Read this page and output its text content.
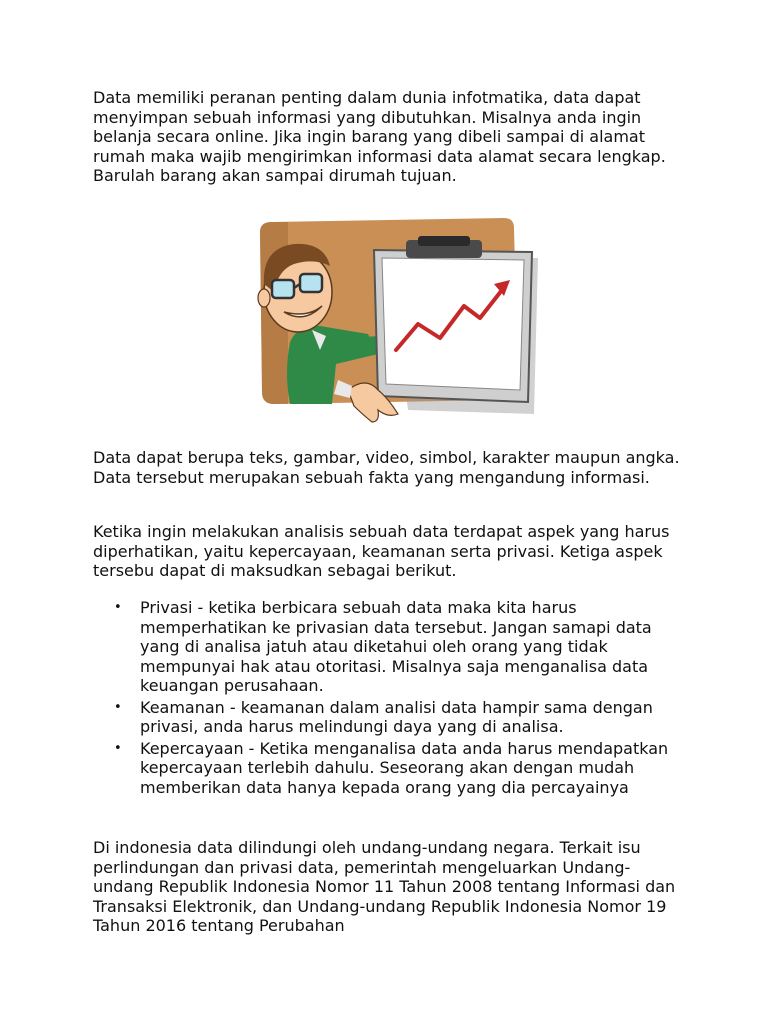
Data memiliki peranan penting dalam dunia infotmatika, data dapat menyimpan sebuah informasi yang dibutuhkan. Misalnya anda ingin belanja secara online. Jika ingin barang yang dibeli sampai di alamat rumah maka wajib mengirimkan informasi data alamat secara lengkap. Barulah barang akan sampai dirumah tujuan.

Data dapat berupa teks, gambar, video, simbol, karakter maupun angka. Data tersebut merupakan sebuah fakta yang mengandung informasi.

Ketika ingin melakukan analisis sebuah data terdapat aspek yang harus diperhatikan, yaitu kepercayaan, keamanan serta privasi. Ketiga aspek tersebu dapat di maksudkan sebagai berikut.

• Privasi - ketika berbicara sebuah data maka kita harus memperhatikan ke privasian data tersebut. Jangan samapi data yang di analisa jatuh atau diketahui oleh orang yang tidak mempunyai hak atau otoritasi. Misalnya saja menganalisa data keuangan perusahaan.
• Keamanan - keamanan dalam analisi data hampir sama dengan privasi, anda harus melindungi daya yang di analisa.
• Kepercayaan - Ketika menganalisa data anda harus mendapatkan kepercayaan terlebih dahulu. Seseorang akan dengan mudah memberikan data hanya kepada orang yang dia percayainya

Di indonesia data dilindungi oleh undang-undang negara. Terkait isu perlindungan dan privasi data, pemerintah mengeluarkan Undang-undang Republik Indonesia Nomor 11 Tahun 2008 tentang Informasi dan Transaksi Elektronik, dan Undang-undang Republik Indonesia Nomor 19 Tahun 2016 tentang Perubahan
